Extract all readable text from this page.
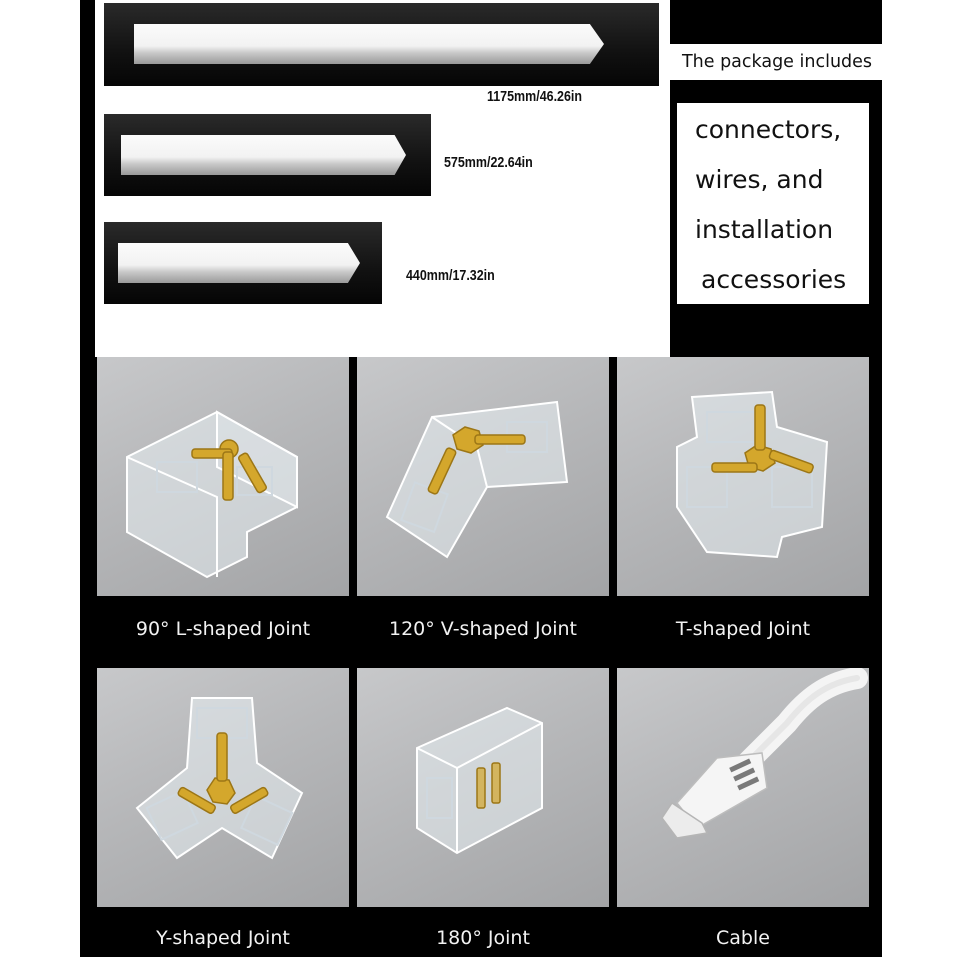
1175mm/46.26in
575mm/22.64in
440mm/17.32in
The package includes
connectors,
wires, and
installation
accessories
90° L-shaped Joint	120° V-shaped Joint	T-shaped Joint
Y-shaped Joint	180° Joint	Cable
